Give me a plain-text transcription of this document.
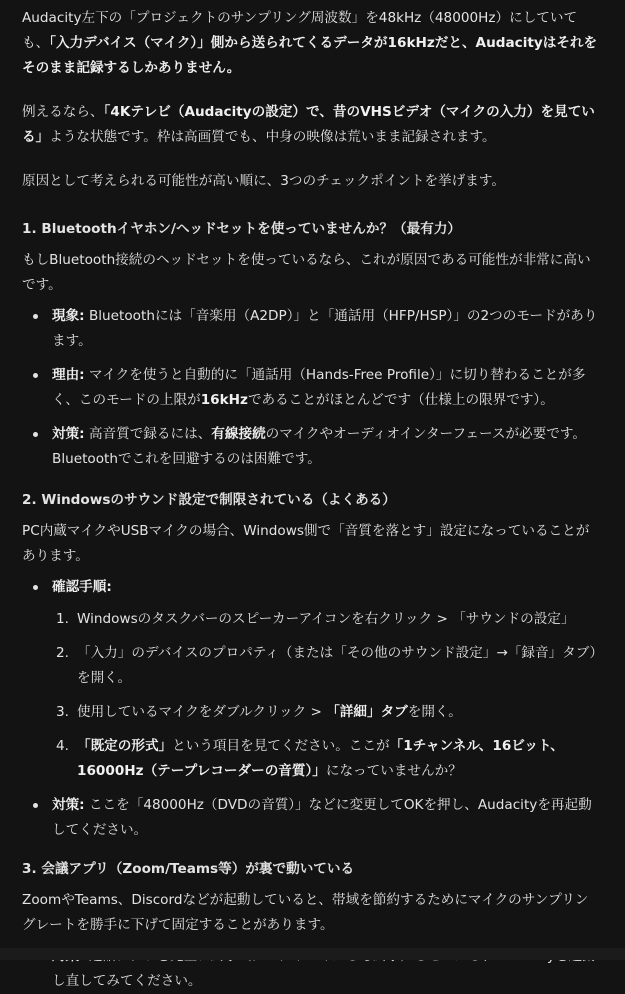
Audacity左下の「プロジェクトのサンプリング周波数」を48kHz（48000Hz）にしていても、「入力デバイス（マイク）」側から送られてくるデータが16kHzだと、Audacityはそれをそのまま記録するしかありません。

例えるなら、「4Kテレビ（Audacityの設定）で、昔のVHSビデオ（マイクの入力）を見ている」ような状態です。枠は高画質でも、中身の映像は荒いまま記録されます。

原因として考えられる可能性が高い順に、3つのチェックポイントを挙げます。

1. Bluetoothイヤホン/ヘッドセットを使っていませんか？（最有力）

もしBluetooth接続のヘッドセットを使っているなら、これが原因である可能性が非常に高いです。

現象: Bluetoothには「音楽用（A2DP）」と「通話用（HFP/HSP）」の2つのモードがあります。
理由: マイクを使うと自動的に「通話用（Hands-Free Profile）」に切り替わることが多く、このモードの上限が16kHzであることがほとんどです（仕様上の限界です）。
対策: 高音質で録るには、有線接続のマイクやオーディオインターフェースが必要です。Bluetoothでこれを回避するのは困難です。

2. Windowsのサウンド設定で制限されている（よくある）

PC内蔵マイクやUSBマイクの場合、Windows側で「音質を落とす」設定になっていることがあります。

確認手順:
1. Windowsのタスクバーのスピーカーアイコンを右クリック > 「サウンドの設定」
2. 「入力」のデバイスのプロパティ（または「その他のサウンド設定」→「録音」タブ）を開く。
3. 使用しているマイクをダブルクリック > 「詳細」タブを開く。
4. 「既定の形式」という項目を見てください。ここが「1チャンネル、16ビット、16000Hz（テープレコーダーの音質）」になっていませんか？
対策: ここを「48000Hz（DVDの音質）」などに変更してOKを押し、Audacityを再起動してください。

3. 会議アプリ（Zoom/Teams等）が裏で動いている

ZoomやTeams、Discordなどが起動していると、帯域を節約するためにマイクのサンプリングレートを勝手に下げて固定することがあります。

し直してみてください。
